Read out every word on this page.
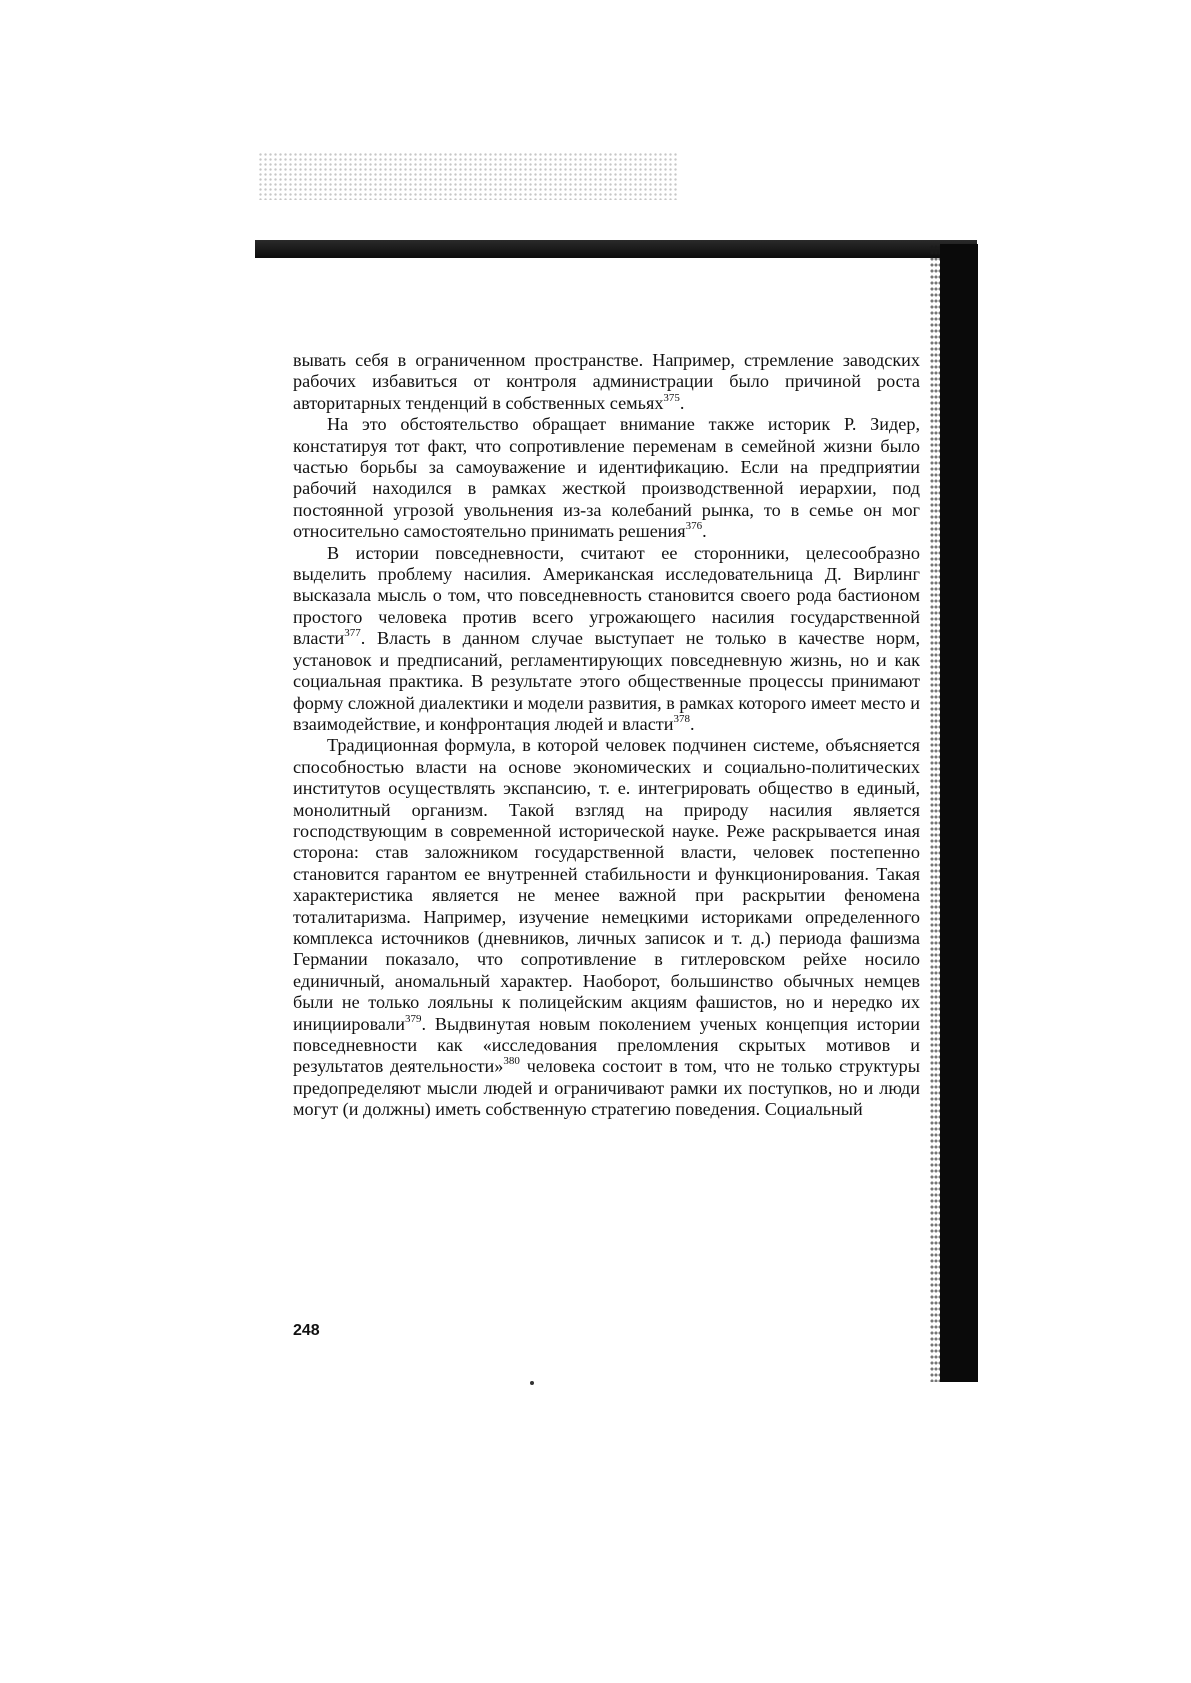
вывать себя в ограниченном пространстве. Например, стремление заводских рабочих избавиться от контроля администрации было причиной роста авторитарных тенденций в собственных семьях$^{375}$.

На это обстоятельство обращает внимание также историк Р. Зидер, констатируя тот факт, что сопротивление переменам в семейной жизни было частью борьбы за самоуважение и идентификацию. Если на предприятии рабочий находился в рамках жесткой производственной иерархии, под постоянной угрозой увольнения из-за колебаний рынка, то в семье он мог относительно самостоятельно принимать решения$^{376}$.

В истории повседневности, считают ее сторонники, целесообразно выделить проблему насилия. Американская исследовательница Д. Вирлинг высказала мысль о том, что повседневность становится своего рода бастионом простого человека против всего угрожающего насилия государственной власти$^{377}$. Власть в данном случае выступает не только в качестве норм, установок и предписаний, регламентирующих повседневную жизнь, но и как социальная практика. В результате этого общественные процессы принимают форму сложной диалектики и модели развития, в рамках которого имеет место и взаимодействие, и конфронтация людей и власти$^{378}$.

Традиционная формула, в которой человек подчинен системе, объясняется способностью власти на основе экономических и социально-политических институтов осуществлять экспансию, т. е. интегрировать общество в единый, монолитный организм. Такой взгляд на природу насилия является господствующим в современной исторической науке. Реже раскрывается иная сторона: став заложником государственной власти, человек постепенно становится гарантом ее внутренней стабильности и функционирования. Такая характеристика является не менее важной при раскрытии феномена тоталитаризма. Например, изучение немецкими историками определенного комплекса источников (дневников, личных записок и т. д.) периода фашизма Германии показало, что сопротивление в гитлеровском рейхе носило единичный, аномальный характер. Наоборот, большинство обычных немцев были не только лояльны к полицейским акциям фашистов, но и нередко их инициировали$^{379}$. Выдвинутая новым поколением ученых концепция истории повседневности как «исследования преломления скрытых мотивов и результатов деятельности»$^{380}$ человека состоит в том, что не только структуры предопределяют мысли людей и ограничивают рамки их поступков, но и люди могут (и должны) иметь собственную стратегию поведения. Социальный

248
